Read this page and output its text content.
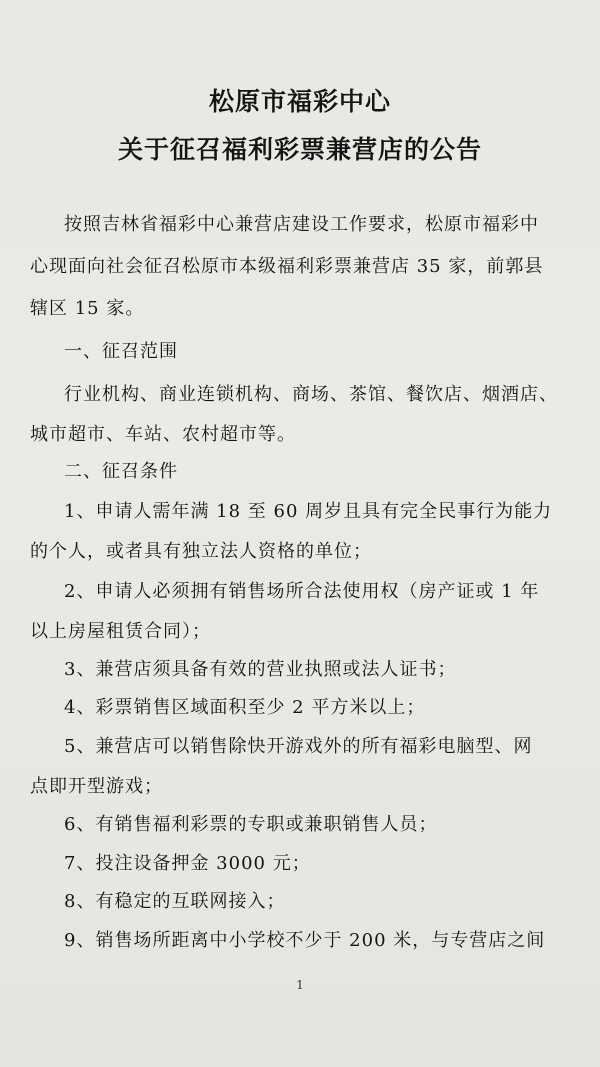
松原市福彩中心
关于征召福利彩票兼营店的公告
按照吉林省福彩中心兼营店建设工作要求，松原市福彩中
心现面向社会征召松原市本级福利彩票兼营店 35 家，前郭县
辖区 15 家。
一、征召范围
行业机构、商业连锁机构、商场、茶馆、餐饮店、烟酒店、
城市超市、车站、农村超市等。
二、征召条件
1、申请人需年满 18 至 60 周岁且具有完全民事行为能力
的个人，或者具有独立法人资格的单位；
2、申请人必须拥有销售场所合法使用权（房产证或 1 年
以上房屋租赁合同）；
3、兼营店须具备有效的营业执照或法人证书；
4、彩票销售区域面积至少 2 平方米以上；
5、兼营店可以销售除快开游戏外的所有福彩电脑型、网
点即开型游戏；
6、有销售福利彩票的专职或兼职销售人员；
7、投注设备押金 3000 元；
8、有稳定的互联网接入；
9、销售场所距离中小学校不少于 200 米，与专营店之间
1
